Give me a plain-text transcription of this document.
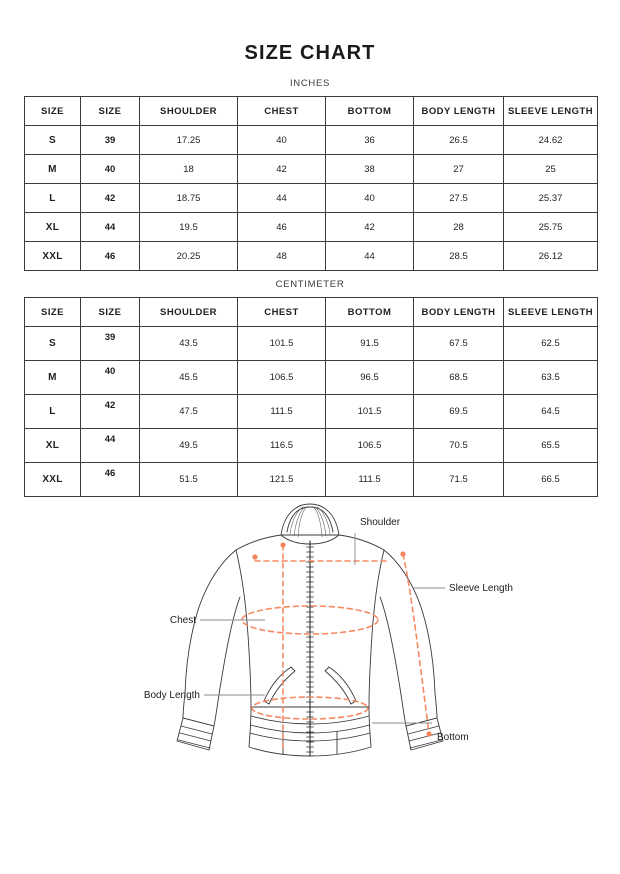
SIZE CHART
INCHES
SIZE	SIZE	SHOULDER	CHEST	BOTTOM	BODY LENGTH	SLEEVE LENGTH
S	39	17.25	40	36	26.5	24.62
M	40	18	42	38	27	25
L	42	18.75	44	40	27.5	25.37
XL	44	19.5	46	42	28	25.75
XXL	46	20.25	48	44	28.5	26.12
CENTIMETER
SIZE	SIZE	SHOULDER	CHEST	BOTTOM	BODY LENGTH	SLEEVE LENGTH
S	39	43.5	101.5	91.5	67.5	62.5
M	40	45.5	106.5	96.5	68.5	63.5
L	42	47.5	111.5	101.5	69.5	64.5
XL	44	49.5	116.5	106.5	70.5	65.5
XXL	46	51.5	121.5	111.5	71.5	66.5
Shoulder
Sleeve Length
Chest
Body Length
Bottom
